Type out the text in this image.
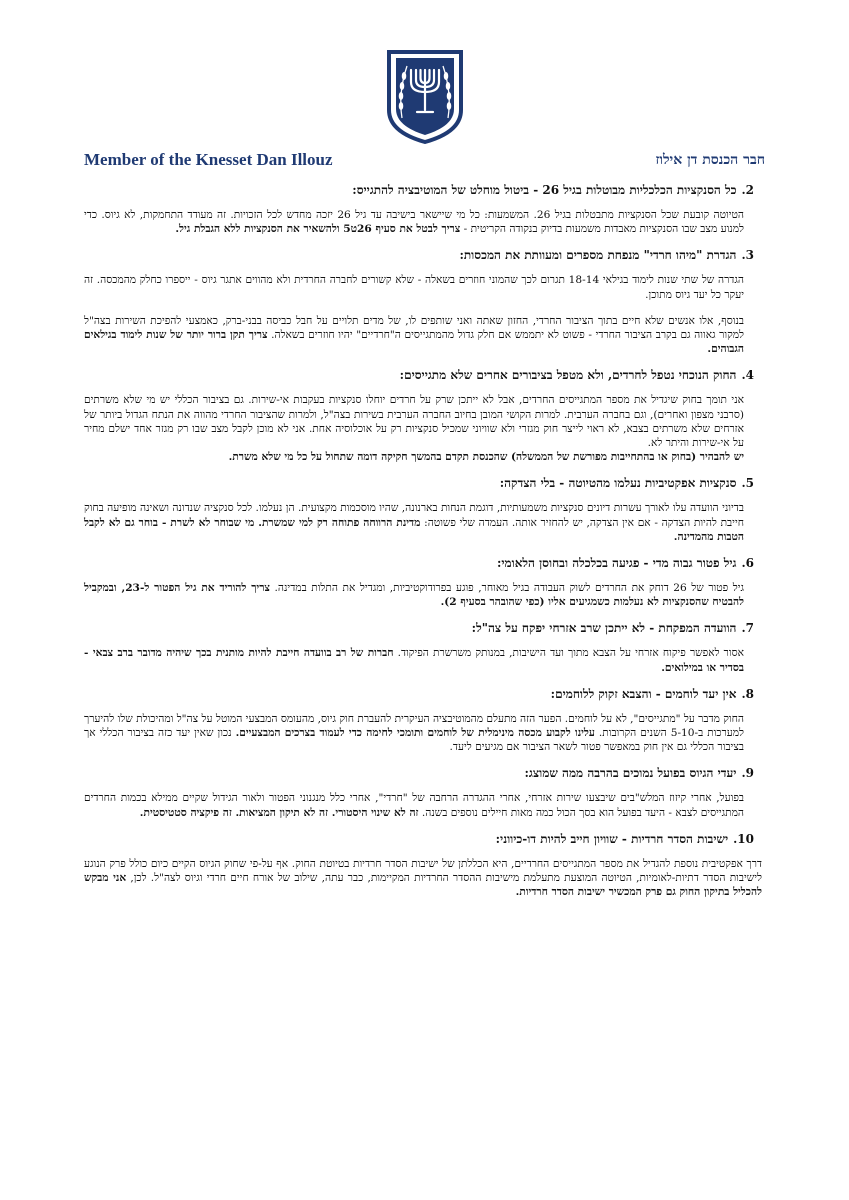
Member of the Knesset Dan Illouz	חבר הכנסת דן אילוז
2.כל הסנקציות הכלכליות מבוטלות בגיל 26 - ביטול מוחלט של המוטיבציה להתגייס:
הטיוטה קובעת שכל הסנקציות מתבטלות בגיל 26. המשמעות: כל מי שיישאר בישיבה עד גיל 26 יזכה מחדש לכל הזכויות. זה מעודד התחמקות, לא גיוס. כדי למנוע מצב שבו הסנקציות מאבדות משמעות בדיוק בנקודה הקריטית - צריך לבטל את סעיף 26ט5 ולהשאיר את הסנקציות ללא הגבלת גיל.
3.הגדרת "מיהו חרדי" מנפחת מספרים ומעוותת את המכסות:
הגדרה של שתי שנות לימוד בגילאי 18-14 תגרום לכך שהמוני חוזרים בשאלה - שלא קשורים לחברה החרדית ולא מהווים אתגר גיוס - ייספרו כחלק מהמכסה. זה יעקר כל יעד גיוס מתוכן.
בנוסף, אלו אנשים שלא חיים בתוך הציבור החרדי, החזון שאתה ואני שותפים לו, של מדים תלויים על חבל כביסה בבני-ברק, כאמצעי להפיכת השירות בצה"ל למקור גאווה גם בקרב הציבור החרדי - פשוט לא יתממש אם חלק גדול מהמתגייסים ה"חרדיים" יהיו חוזרים בשאלה. צריך תקן ברור יותר של שנות לימוד בגילאים הגבוהים.
4.החוק הנוכחי נטפל לחרדים, ולא מטפל בציבורים אחרים שלא מתגייסים:
אני תומך בחוק שיגדיל את מספר המתגייסים החרדים, אבל לא ייתכן שרק על חרדים יוחלו סנקציות בעקבות אי-שירות. גם בציבור הכללי יש מי שלא משרתים (סרבני מצפון ואחרים), וגם בחברה הערבית. למרות הקושי המובן בחיוב החברה הערבית בשירות בצה"ל, ולמרות שהציבור החרדי מהווה את הנתח הגדול ביותר של אזרחים שלא משרתים בצבא, לא ראוי לייצר חוק מגזרי ולא שוויוני שמכיל סנקציות רק על אוכלוסיה אחת. אני לא מוכן לקבל מצב שבו רק מגזר אחד ישלם מחיר על אי-שירות והיתר לא.
יש להבהיר (בחוק או בהתחייבות מפורשת של הממשלה) שהכנסת תקדם בהמשך חקיקה דומה שתחול על כל מי שלא משרת.
5.סנקציות אפקטיביות נעלמו מהטיוטה - בלי הצדקה:
בדיוני הוועדה עלו לאורך עשרות דיונים סנקציות משמעותיות, דוגמת הנחות בארנונה, שהיו מוסכמות מקצועית. הן נעלמו. לכל סנקציה שנדונה ושאינה מופיעה בחוק חייבת להיות הצדקה - אם אין הצדקה, יש להחזיר אותה. העמדה שלי פשוטה: מדינת הרווחה פתוחה רק למי שמשרת. מי שבוחר לא לשרת - בוחר גם לא לקבל הטבות מהמדינה.
6.גיל פטור גבוה מדי - פגיעה בכלכלה ובחוסן הלאומי:
גיל פטור של 26 דוחק את החרדים לשוק העבודה בגיל מאוחר, פוגע בפרודוקטיביות, ומגדיל את התלות במדינה. צריך להוריד את גיל הפטור ל-23, ובמקביל להבטיח שהסנקציות לא נעלמות כשמגיעים אליו (כפי שהובהר בסעיף 2).
7.הוועדה המפקחת - לא ייתכן שרב אזרחי יפקח על צה"ל:
אסור לאפשר פיקוח אזרחי על הצבא מתוך ועד הישיבות, במנותק משרשרת הפיקוד. חברות של רב בוועדה חייבת להיות מותנית בכך שיהיה מדובר ברב צבאי - בסדיר או במילואים.
8.אין יעד לוחמים - והצבא זקוק ללוחמים:
החוק מדבר על "מתגייסים", לא על לוחמים. הפער הזה מתעלם מהמוטיבציה העיקרית להעברת חוק גיוס, מהעומס המבצעי המוטל על צה"ל ומהיכולת שלו להיערך למערכות ב-5-10 השנים הקרובות. עלינו לקבוע מכסה מינימלית של לוחמים ותומכי לחימה כדי לעמוד בצרכים המבצעיים. נכון שאין יעד כזה בציבור הכללי אך בציבור הכללי גם אין חוק במאפשר פטור לשאר הציבור אם מגיעים ליעד.
9.יעדי הגיוס בפועל נמוכים בהרבה ממה שמוצג:
בפועל, אחרי קיזוז המלש"בים שיבצעו שירות אזרחי, אחרי ההגדרה הרחבה של "חרדי", אחרי כלל מנגנוני הפטור ולאור הגידול שקיים ממילא בכמות החרדים המתגייסים לצבא - היעד בפועל הוא בסך הכול כמה מאות חיילים נוספים בשנה. זה לא שינוי היסטורי. זה לא תיקון המציאות. זה פיקציה סטטיסטית.
10.ישיבות הסדר חרדיות - שוויון חייב להיות דו-כיווני:
דרך אפקטיבית נוספת להגדיל את מספר המתגייסים החרדיים, היא הכללתן של ישיבות הסדר חרדיות בטיוטת החוק. אף על-פי שחוק הגיוס הקיים כיום כולל פרק הנוגע לישיבות הסדר דתיות-לאומיות, הטיוטה המוצעת מתעלמת מישיבות ההסדר החרדיות המקיימות, כבר עתה, שילוב של אורח חיים חרדי וגיוס לצה"ל. לכן, אני מבקש להכליל בתיקון החוק גם פרק המכשיר ישיבות הסדר חרדיות.
